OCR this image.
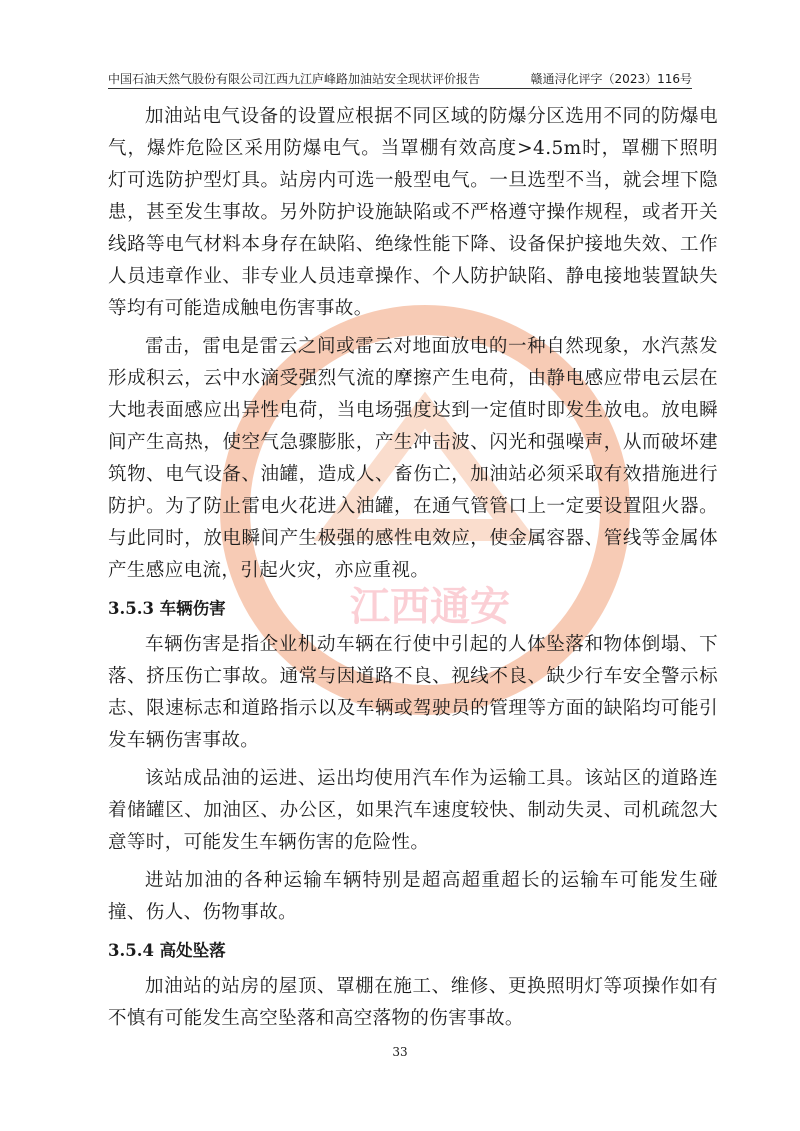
中国石油天然气股份有限公司江西九江庐峰路加油站安全现状评价报告	赣通浔化评字（2023）116号
江西通安

加油站电气设备的设置应根据不同区域的防爆分区选用不同的防爆电气，爆炸危险区采用防爆电气。当罩棚有效高度>4.5m时，罩棚下照明灯可选防护型灯具。站房内可选一般型电气。一旦选型不当，就会埋下隐患，甚至发生事故。另外防护设施缺陷或不严格遵守操作规程，或者开关线路等电气材料本身存在缺陷、绝缘性能下降、设备保护接地失效、工作人员违章作业、非专业人员违章操作、个人防护缺陷、静电接地装置缺失等均有可能造成触电伤害事故。

雷击，雷电是雷云之间或雷云对地面放电的一种自然现象，水汽蒸发形成积云，云中水滴受强烈气流的摩擦产生电荷，由静电感应带电云层在大地表面感应出异性电荷，当电场强度达到一定值时即发生放电。放电瞬间产生高热，使空气急骤膨胀，产生冲击波、闪光和强噪声，从而破坏建筑物、电气设备、油罐，造成人、畜伤亡，加油站必须采取有效措施进行防护。为了防止雷电火花进入油罐，在通气管管口上一定要设置阻火器。与此同时，放电瞬间产生极强的感性电效应，使金属容器、管线等金属体产生感应电流，引起火灾，亦应重视。

3.5.3 车辆伤害

车辆伤害是指企业机动车辆在行使中引起的人体坠落和物体倒塌、下落、挤压伤亡事故。通常与因道路不良、视线不良、缺少行车安全警示标志、限速标志和道路指示以及车辆或驾驶员的管理等方面的缺陷均可能引发车辆伤害事故。

该站成品油的运进、运出均使用汽车作为运输工具。该站区的道路连着储罐区、加油区、办公区，如果汽车速度较快、制动失灵、司机疏忽大意等时，可能发生车辆伤害的危险性。

进站加油的各种运输车辆特别是超高超重超长的运输车可能发生碰撞、伤人、伤物事故。

3.5.4 高处坠落

加油站的站房的屋顶、罩棚在施工、维修、更换照明灯等项操作如有不慎有可能发生高空坠落和高空落物的伤害事故。

33
